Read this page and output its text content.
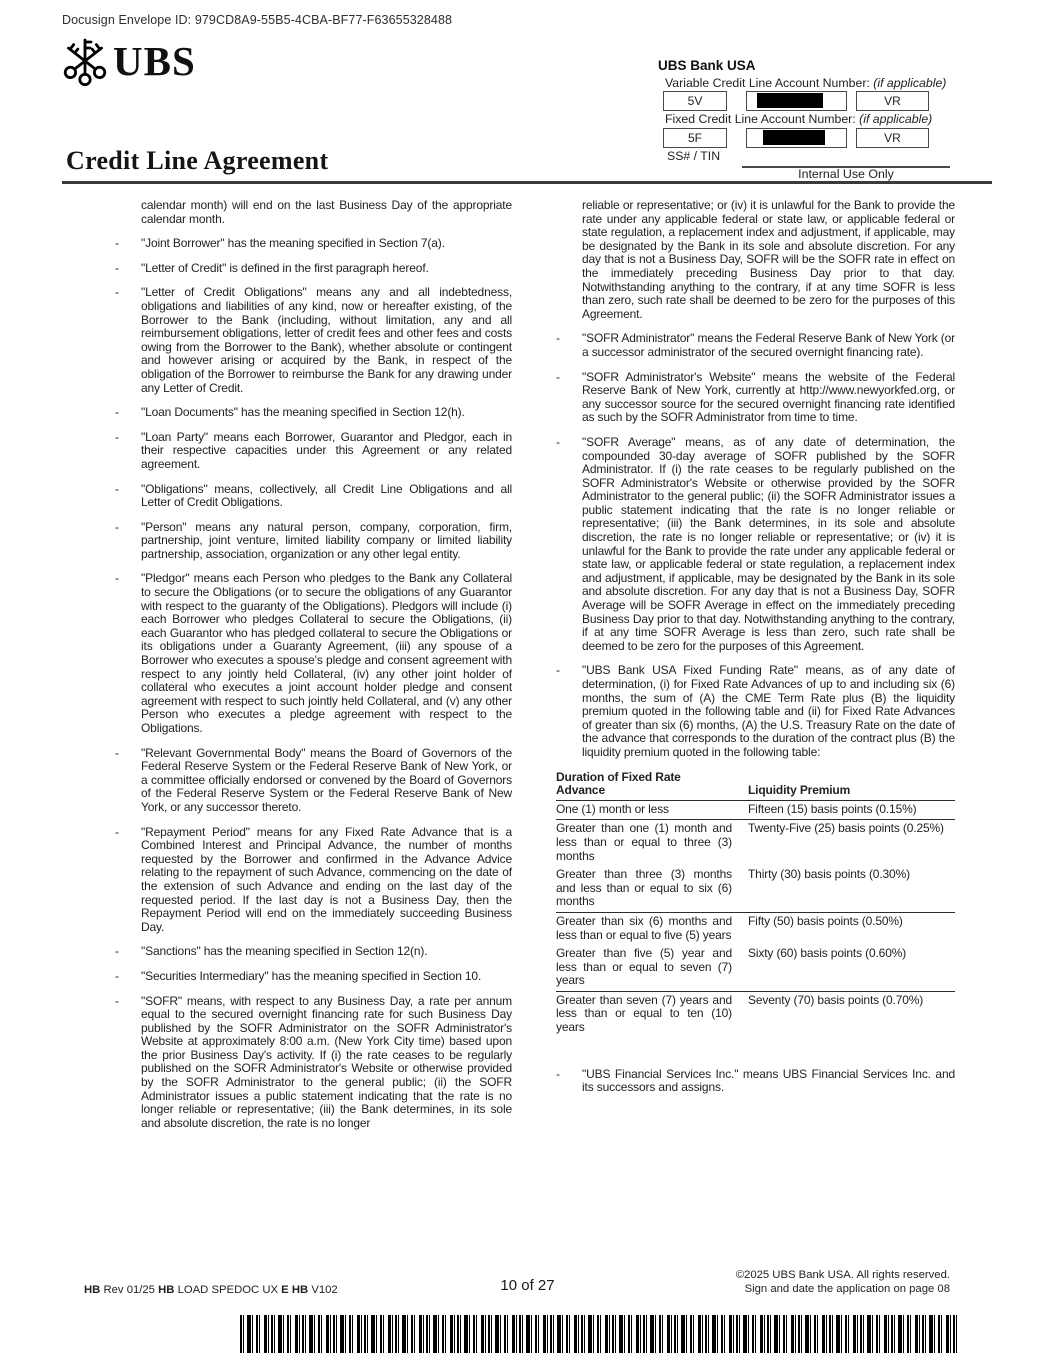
Docusign Envelope ID: 979CD8A9-55B5-4CBA-BF77-F63655328488
UBS
Credit Line Agreement
UBS Bank USA
Variable Credit Line Account Number: (if applicable)
5V	VR
Fixed Credit Line Account Number: (if applicable)
5F	VR
SS# / TIN
Internal Use Only
calendar month) will end on the last Business Day of the appropriate calendar month.
-	"Joint Borrower" has the meaning specified in Section 7(a).
-	"Letter of Credit" is defined in the first paragraph hereof.
-	"Letter of Credit Obligations" means any and all indebtedness, obligations and liabilities of any kind, now or hereafter existing, of the Borrower to the Bank (including, without limitation, any and all reimbursement obligations, letter of credit fees and other fees and costs owing from the Borrower to the Bank), whether absolute or contingent and however arising or acquired by the Bank, in respect of the obligation of the Borrower to reimburse the Bank for any drawing under any Letter of Credit.
-	"Loan Documents" has the meaning specified in Section 12(h).
-	"Loan Party" means each Borrower, Guarantor and Pledgor, each in their respective capacities under this Agreement or any related agreement.
-	"Obligations" means, collectively, all Credit Line Obligations and all Letter of Credit Obligations.
-	"Person" means any natural person, company, corporation, firm, partnership, joint venture, limited liability company or limited liability partnership, association, organization or any other legal entity.
-	"Pledgor" means each Person who pledges to the Bank any Collateral to secure the Obligations (or to secure the obligations of any Guarantor with respect to the guaranty of the Obligations). Pledgors will include (i) each Borrower who pledges Collateral to secure the Obligations, (ii) each Guarantor who has pledged collateral to secure the Obligations or its obligations under a Guaranty Agreement, (iii) any spouse of a Borrower who executes a spouse's pledge and consent agreement with respect to any jointly held Collateral, (iv) any other joint holder of collateral who executes a joint account holder pledge and consent agreement with respect to such jointly held Collateral, and (v) any other Person who executes a pledge agreement with respect to the Obligations.
-	"Relevant Governmental Body" means the Board of Governors of the Federal Reserve System or the Federal Reserve Bank of New York, or a committee officially endorsed or convened by the Board of Governors of the Federal Reserve System or the Federal Reserve Bank of New York, or any successor thereto.
-	"Repayment Period" means for any Fixed Rate Advance that is a Combined Interest and Principal Advance, the number of months requested by the Borrower and confirmed in the Advance Advice relating to the repayment of such Advance, commencing on the date of the extension of such Advance and ending on the last day of the requested period. If the last day is not a Business Day, then the Repayment Period will end on the immediately succeeding Business Day.
-	"Sanctions" has the meaning specified in Section 12(n).
-	"Securities Intermediary" has the meaning specified in Section 10.
-	"SOFR" means, with respect to any Business Day, a rate per annum equal to the secured overnight financing rate for such Business Day published by the SOFR Administrator on the SOFR Administrator's Website at approximately 8:00 a.m. (New York City time) based upon the prior Business Day's activity. If (i) the rate ceases to be regularly published on the SOFR Administrator's Website or otherwise provided by the SOFR Administrator to the general public; (ii) the SOFR Administrator issues a public statement indicating that the rate is no longer reliable or representative; (iii) the Bank determines, in its sole and absolute discretion, the rate is no longer
reliable or representative; or (iv) it is unlawful for the Bank to provide the rate under any applicable federal or state law, or applicable federal or state regulation, a replacement index and adjustment, if applicable, may be designated by the Bank in its sole and absolute discretion. For any day that is not a Business Day, SOFR will be the SOFR rate in effect on the immediately preceding Business Day prior to that day. Notwithstanding anything to the contrary, if at any time SOFR is less than zero, such rate shall be deemed to be zero for the purposes of this Agreement.
-	"SOFR Administrator" means the Federal Reserve Bank of New York (or a successor administrator of the secured overnight financing rate).
-	"SOFR Administrator's Website" means the website of the Federal Reserve Bank of New York, currently at http://www.newyorkfed.org, or any successor source for the secured overnight financing rate identified as such by the SOFR Administrator from time to time.
-	"SOFR Average" means, as of any date of determination, the compounded 30-day average of SOFR published by the SOFR Administrator. If (i) the rate ceases to be regularly published on the SOFR Administrator's Website or otherwise provided by the SOFR Administrator to the general public; (ii) the SOFR Administrator issues a public statement indicating that the rate is no longer reliable or representative; (iii) the Bank determines, in its sole and absolute discretion, the rate is no longer reliable or representative; or (iv) it is unlawful for the Bank to provide the rate under any applicable federal or state law, or applicable federal or state regulation, a replacement index and adjustment, if applicable, may be designated by the Bank in its sole and absolute discretion. For any day that is not a Business Day, SOFR Average will be SOFR Average in effect on the immediately preceding Business Day prior to that day. Notwithstanding anything to the contrary, if at any time SOFR Average is less than zero, such rate shall be deemed to be zero for the purposes of this Agreement.
-	"UBS Bank USA Fixed Funding Rate" means, as of any date of determination, (i) for Fixed Rate Advances of up to and including six (6) months, the sum of (A) the CME Term Rate plus (B) the liquidity premium quoted in the following table and (ii) for Fixed Rate Advances of greater than six (6) months, (A) the U.S. Treasury Rate on the date of the advance that corresponds to the duration of the contract plus (B) the liquidity premium quoted in the following table:
Duration of Fixed Rate Advance	Liquidity Premium
One (1) month or less	Fifteen (15) basis points (0.15%)
Greater than one (1) month and less than or equal to three (3) months	Twenty-Five (25) basis points (0.25%)
Greater than three (3) months and less than or equal to six (6) months	Thirty (30) basis points (0.30%)
Greater than six (6) months and less than or equal to five (5) years	Fifty (50) basis points (0.50%)
Greater than five (5) year and less than or equal to seven (7) years	Sixty (60) basis points (0.60%)
Greater than seven (7) years and less than or equal to ten (10) years	Seventy (70) basis points (0.70%)
-	"UBS Financial Services Inc." means UBS Financial Services Inc. and its successors and assigns.
HB Rev 01/25 HB LOAD SPEDOC UX E HB V102	10 of 27
©2025 UBS Bank USA. All rights reserved.
Sign and date the application on page 08
